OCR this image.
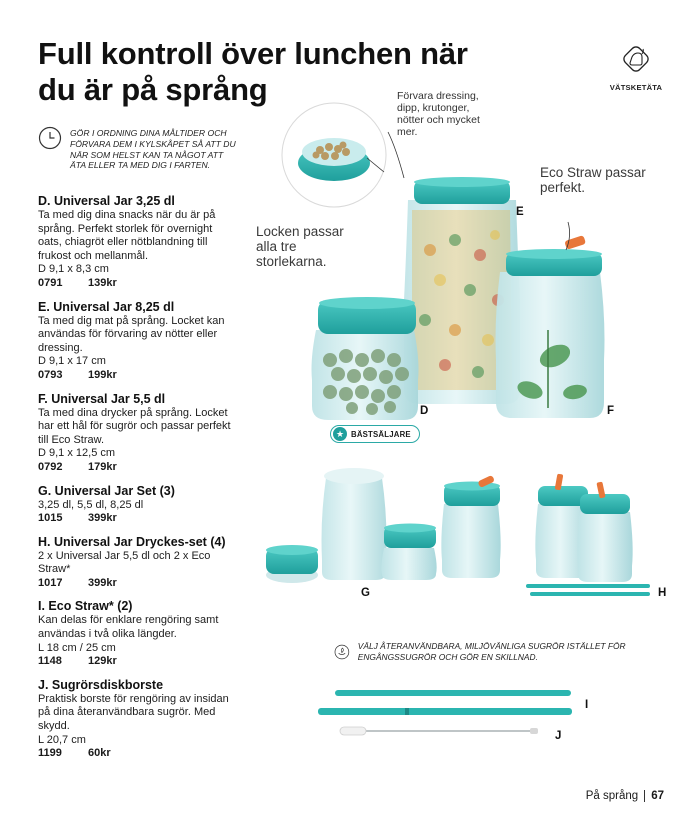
Full kontroll över lunchen när du är på språng
GÖR I ORDNING DINA MÅLTIDER OCH FÖRVARA DEM I KYLSKÅPET SÅ ATT DU NÄR SOM HELST KAN TA NÅGOT ATT ÄTA ELLER TA MED DIG I FARTEN.
D. Universal Jar 3,25 dl
Ta med dig dina snacks när du är på språng. Perfekt storlek för overnight oats, chiagröt eller nötblandning till frukost och mellanmål.
D 9,1 x 8,3 cm
0791	139kr
E. Universal Jar 8,25 dl
Ta med dig mat på språng. Locket kan användas för förvaring av nötter eller dressing.
D 9,1 x 17 cm
0793	199kr
F. Universal Jar 5,5 dl
Ta med dina drycker på språng. Locket har ett hål för sugrör och passar perfekt till Eco Straw.
D 9,1 x 12,5 cm
0792	179kr
G. Universal Jar Set (3)
3,25 dl, 5,5 dl, 8,25 dl
1015	399kr
H. Universal Jar Dryckes-set (4)
2 x Universal Jar 5,5 dl och 2 x Eco Straw*
1017	399kr
I. Eco Straw* (2)
Kan delas för enklare rengöring samt användas i två olika längder.
L 18 cm / 25 cm
1148	129kr
J. Sugrörsdiskborste
Praktisk borste för rengöring av insidan på dina återanvändbara sugrör. Med skydd.
L 20,7 cm
1199	60kr
Förvara dressing, dipp, krutonger, nötter och mycket mer.
Eco Straw passar perfekt.
Locken passar alla tre storlekarna.
E
D	F
G	H
I
J
★ BÄSTSÄLJARE
VÄTSKETÄTA
VÄLJ ÅTERANVÄNDBARA, MILJÖVÄNLIGA SUGRÖR ISTÄLLET FÖR ENGÅNGSSUGRÖR OCH GÖR EN SKILLNAD.
På språng 67
